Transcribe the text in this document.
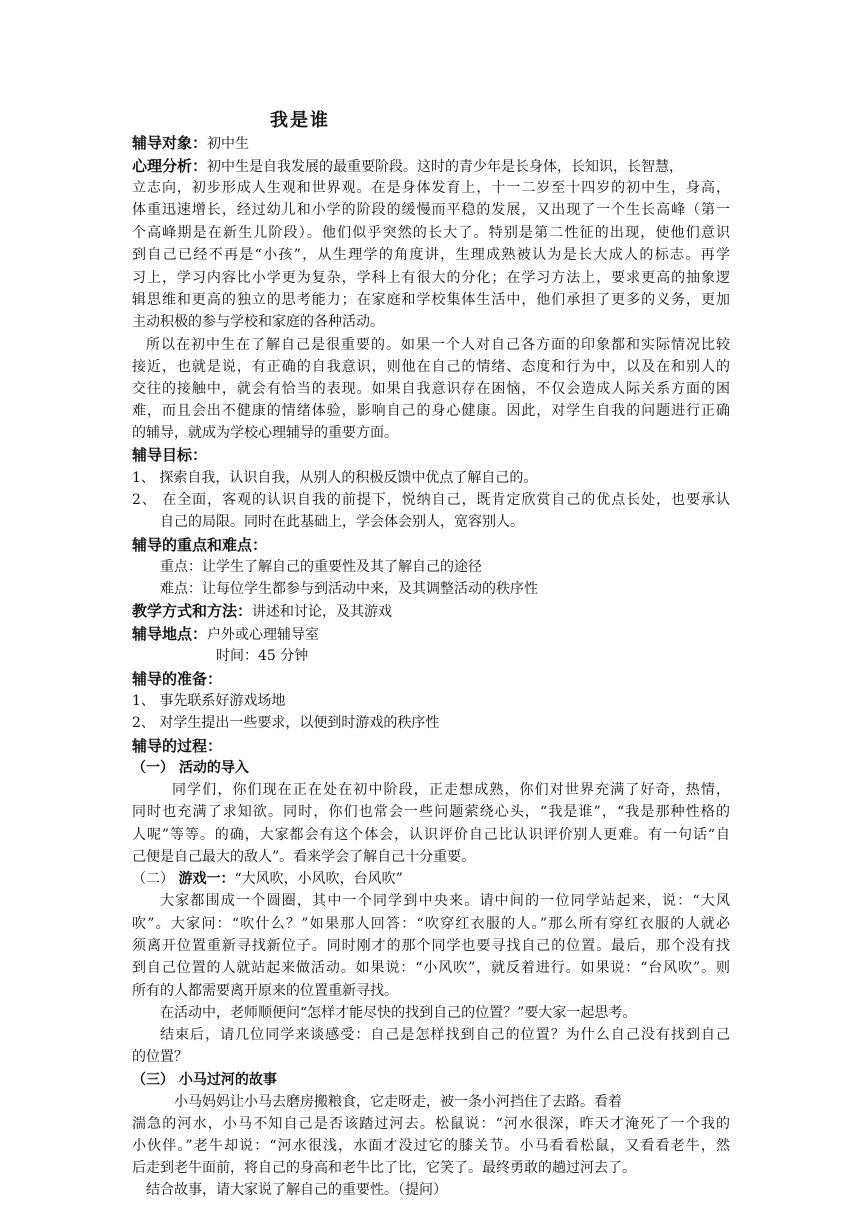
我是谁
辅导对象：初中生
心理分析：初中生是自我发展的最重要阶段。这时的青少年是长身体，长知识，长智慧，
立志向，初步形成人生观和世界观。在是身体发育上，十一二岁至十四岁的初中生，身高，
体重迅速增长，经过幼儿和小学的阶段的缓慢而平稳的发展，又出现了一个生长高峰（第一
个高峰期是在新生儿阶段）。他们似乎突然的长大了。特别是第二性征的出现，使他们意识
到自己已经不再是“小孩”，从生理学的角度讲，生理成熟被认为是长大成人的标志。再学
习上，学习内容比小学更为复杂，学科上有很大的分化；在学习方法上，要求更高的抽象逻
辑思维和更高的独立的思考能力；在家庭和学校集体生活中，他们承担了更多的义务，更加
主动积极的参与学校和家庭的各种活动。
所以在初中生在了解自己是很重要的。如果一个人对自己各方面的印象都和实际情况比较
接近，也就是说，有正确的自我意识，则他在自己的情绪、态度和行为中，以及在和别人的
交往的接触中，就会有恰当的表现。如果自我意识存在困恼，不仅会造成人际关系方面的困
难，而且会出不健康的情绪体验，影响自己的身心健康。因此，对学生自我的问题进行正确
的辅导，就成为学校心理辅导的重要方面。
辅导目标：
1、 探索自我，认识自我，从别人的积极反馈中优点了解自己的。
2、 在全面，客观的认识自我的前提下，悦纳自己，既肯定欣赏自己的优点长处，也要承认
自己的局限。同时在此基础上，学会体会别人，宽容别人。
辅导的重点和难点：
重点：让学生了解自己的重要性及其了解自己的途径
难点：让每位学生都参与到活动中来，及其调整活动的秩序性
教学方式和方法：讲述和讨论，及其游戏
辅导地点：户外或心理辅导室
时间：45 分钟
辅导的准备：
1、 事先联系好游戏场地
2、 对学生提出一些要求，以便到时游戏的秩序性
辅导的过程：
（一） 活动的导入
同学们，你们现在正在处在初中阶段，正走想成熟，你们对世界充满了好奇，热情，
同时也充满了求知欲。同时，你们也常会一些问题萦绕心头，“我是谁”，“我是那种性格的
人呢”等等。的确，大家都会有这个体会，认识评价自己比认识评价别人更难。有一句话“自
己便是自己最大的敌人”。看来学会了解自己十分重要。
（二） 游戏一：“大风吹，小风吹，台风吹”
大家都围成一个圆圈，其中一个同学到中央来。请中间的一位同学站起来，说：“大风
吹”。大家问：“吹什么？”如果那人回答：“吹穿红衣服的人。”那么所有穿红衣服的人就必
须离开位置重新寻找新位子。同时刚才的那个同学也要寻找自己的位置。最后，那个没有找
到自己位置的人就站起来做活动。如果说：“小风吹”，就反着进行。如果说：“台风吹”。则
所有的人都需要离开原来的位置重新寻找。
在活动中，老师顺便问“怎样才能尽快的找到自己的位置？”要大家一起思考。
结束后，请几位同学来谈感受：自己是怎样找到自己的位置？为什么自己没有找到自己
的位置？
（三） 小马过河的故事
小马妈妈让小马去磨房搬粮食，它走呀走，被一条小河挡住了去路。看着
湍急的河水，小马不知自己是否该踏过河去。松鼠说：“河水很深，昨天才淹死了一个我的
小伙伴。”老牛却说：“河水很浅，水面才没过它的膝关节。小马看看松鼠，又看看老牛，然
后走到老牛面前，将自己的身高和老牛比了比，它笑了。最终勇敢的趟过河去了。
结合故事，请大家说了解自己的重要性。（提问）
